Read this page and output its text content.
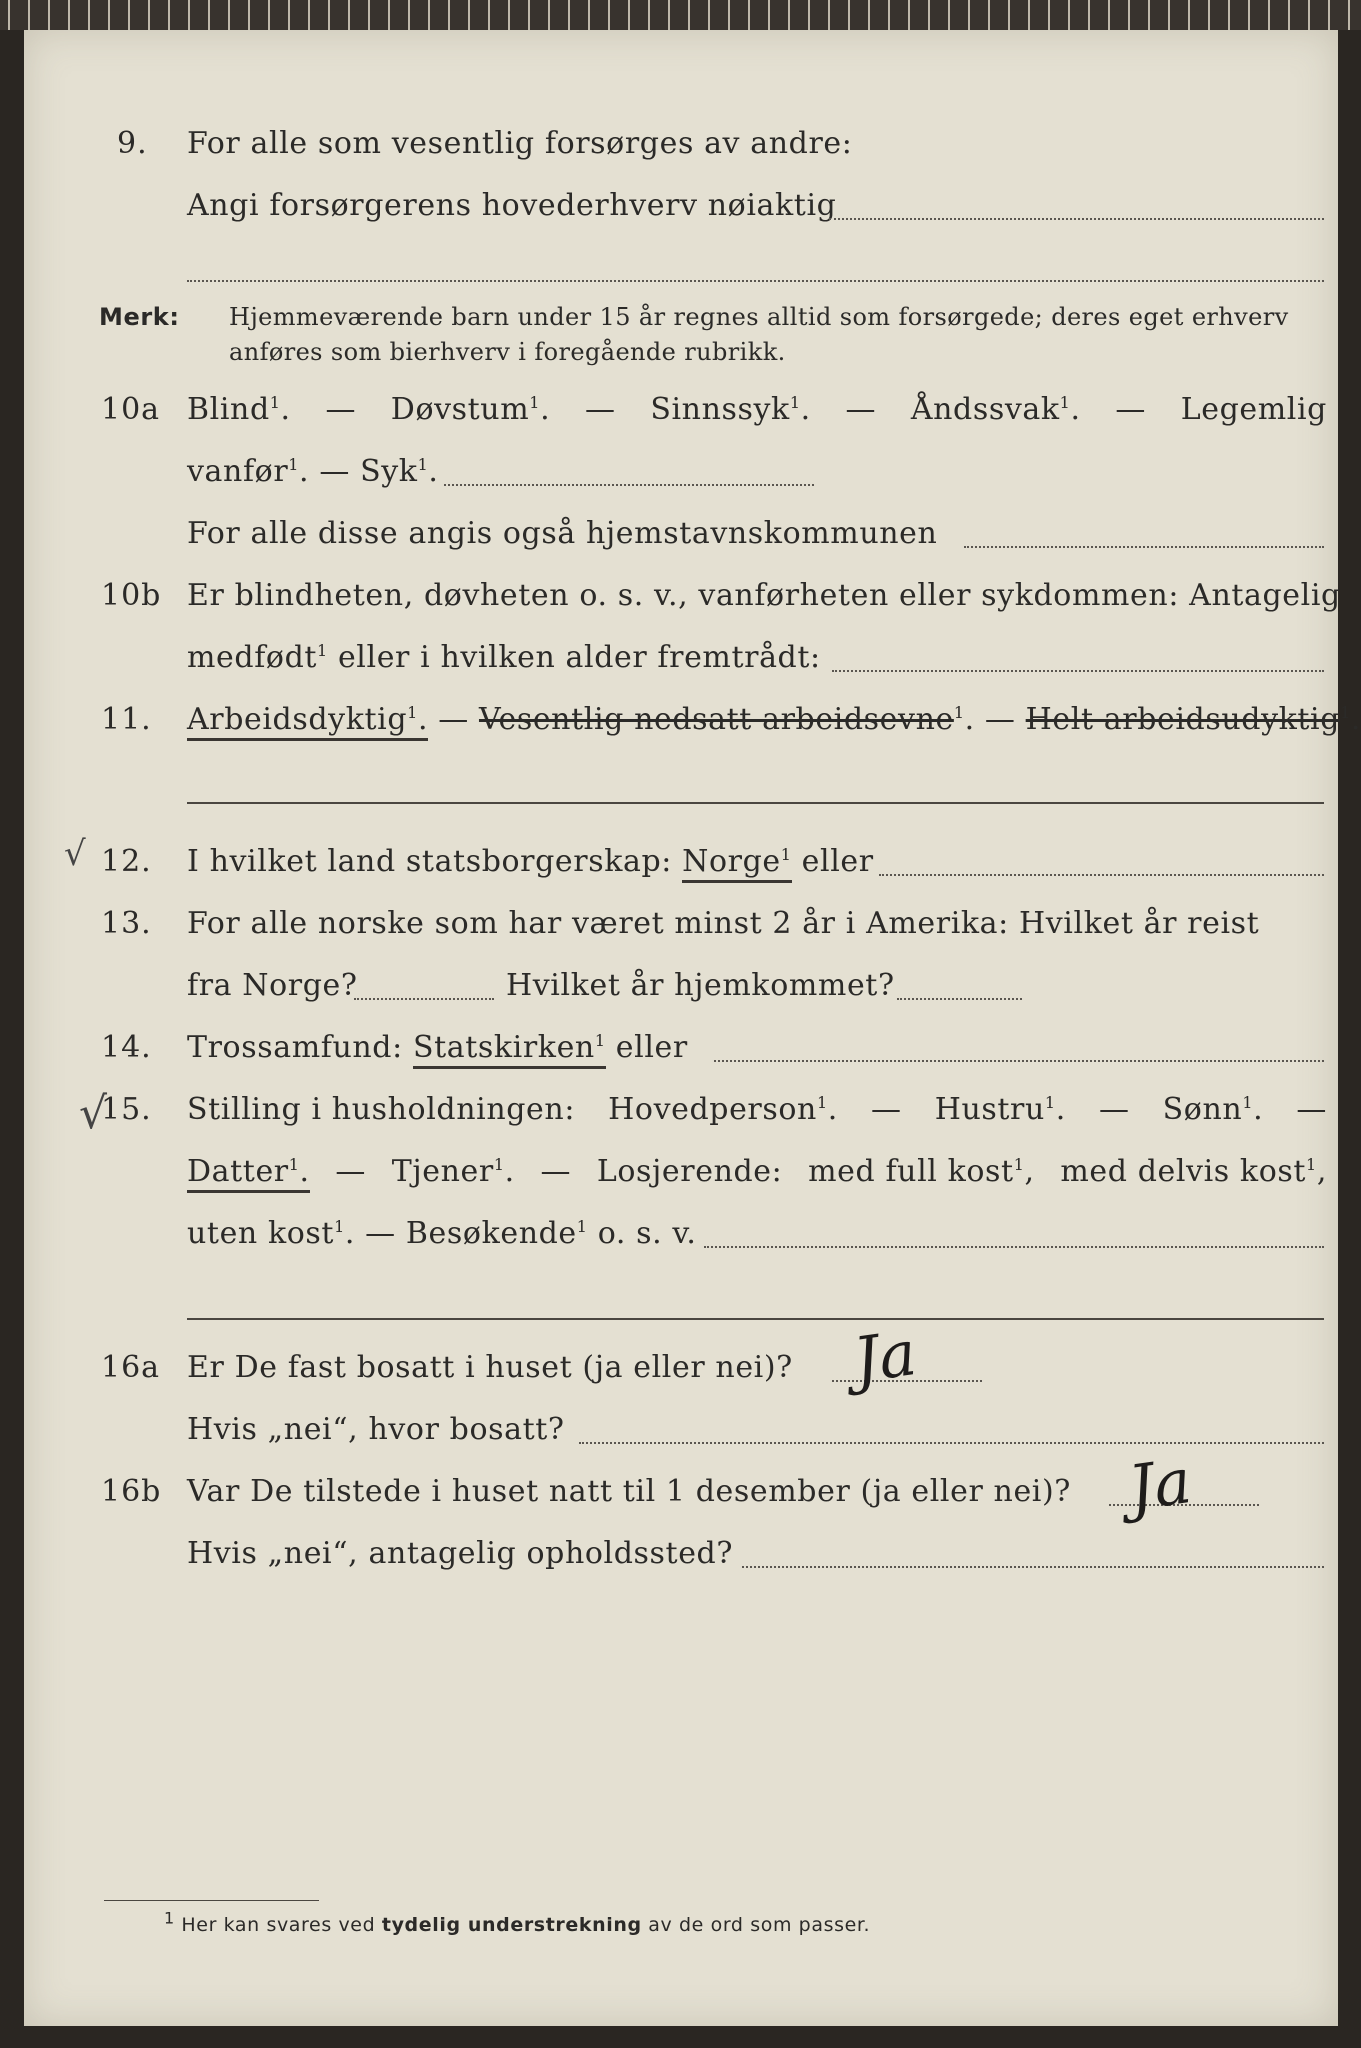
9. For alle som vesentlig forsørges av andre:
Angi forsørgerens hovederhverv nøiaktig
Merk: Hjemmeværende barn under 15 år regnes alltid som forsørgede; deres eget erhverv
anføres som bierhverv i foregående rubrikk.
10a Blind$^1$. — Døvstum$^1$. — Sinnssyk$^1$. — Åndssvak$^1$. — Legemlig
vanfør$^1$. — Syk$^1$.
For alle disse angis også hjemstavnskommunen
10b Er blindheten, døvheten o. s. v., vanførheten eller sykdommen: Antagelig
medfødt$^1$ eller i hvilken alder fremtrådt:
11. Arbeidsdyktig$^1$. — Vesentlig nedsatt arbeidsevne$^1$. — Helt arbeidsudyktig$^1$.
√ 12. I hvilket land statsborgerskap: Norge$^1$ eller
13. For alle norske som har været minst 2 år i Amerika: Hvilket år reist
fra Norge?	Hvilket år hjemkommet?
14. Trossamfund: Statskirken$^1$ eller
√
15. Stilling i husholdningen: Hovedperson$^1$. — Hustru$^1$. — Sønn$^1$. —
Datter$^1$. — Tjener$^1$. — Losjerende: med full kost$^1$, med delvis kost$^1$,
uten kost$^1$. — Besøkende$^1$ o. s. v.
16a Er De fast bosatt i huset (ja eller nei)? Ja
Hvis „nei“, hvor bosatt?
16b Var De tilstede i huset natt til 1 desember (ja eller nei)? Ja
Hvis „nei“, antagelig opholdssted?
$^1$ Her kan svares ved tydelig understrekning av de ord som passer.
